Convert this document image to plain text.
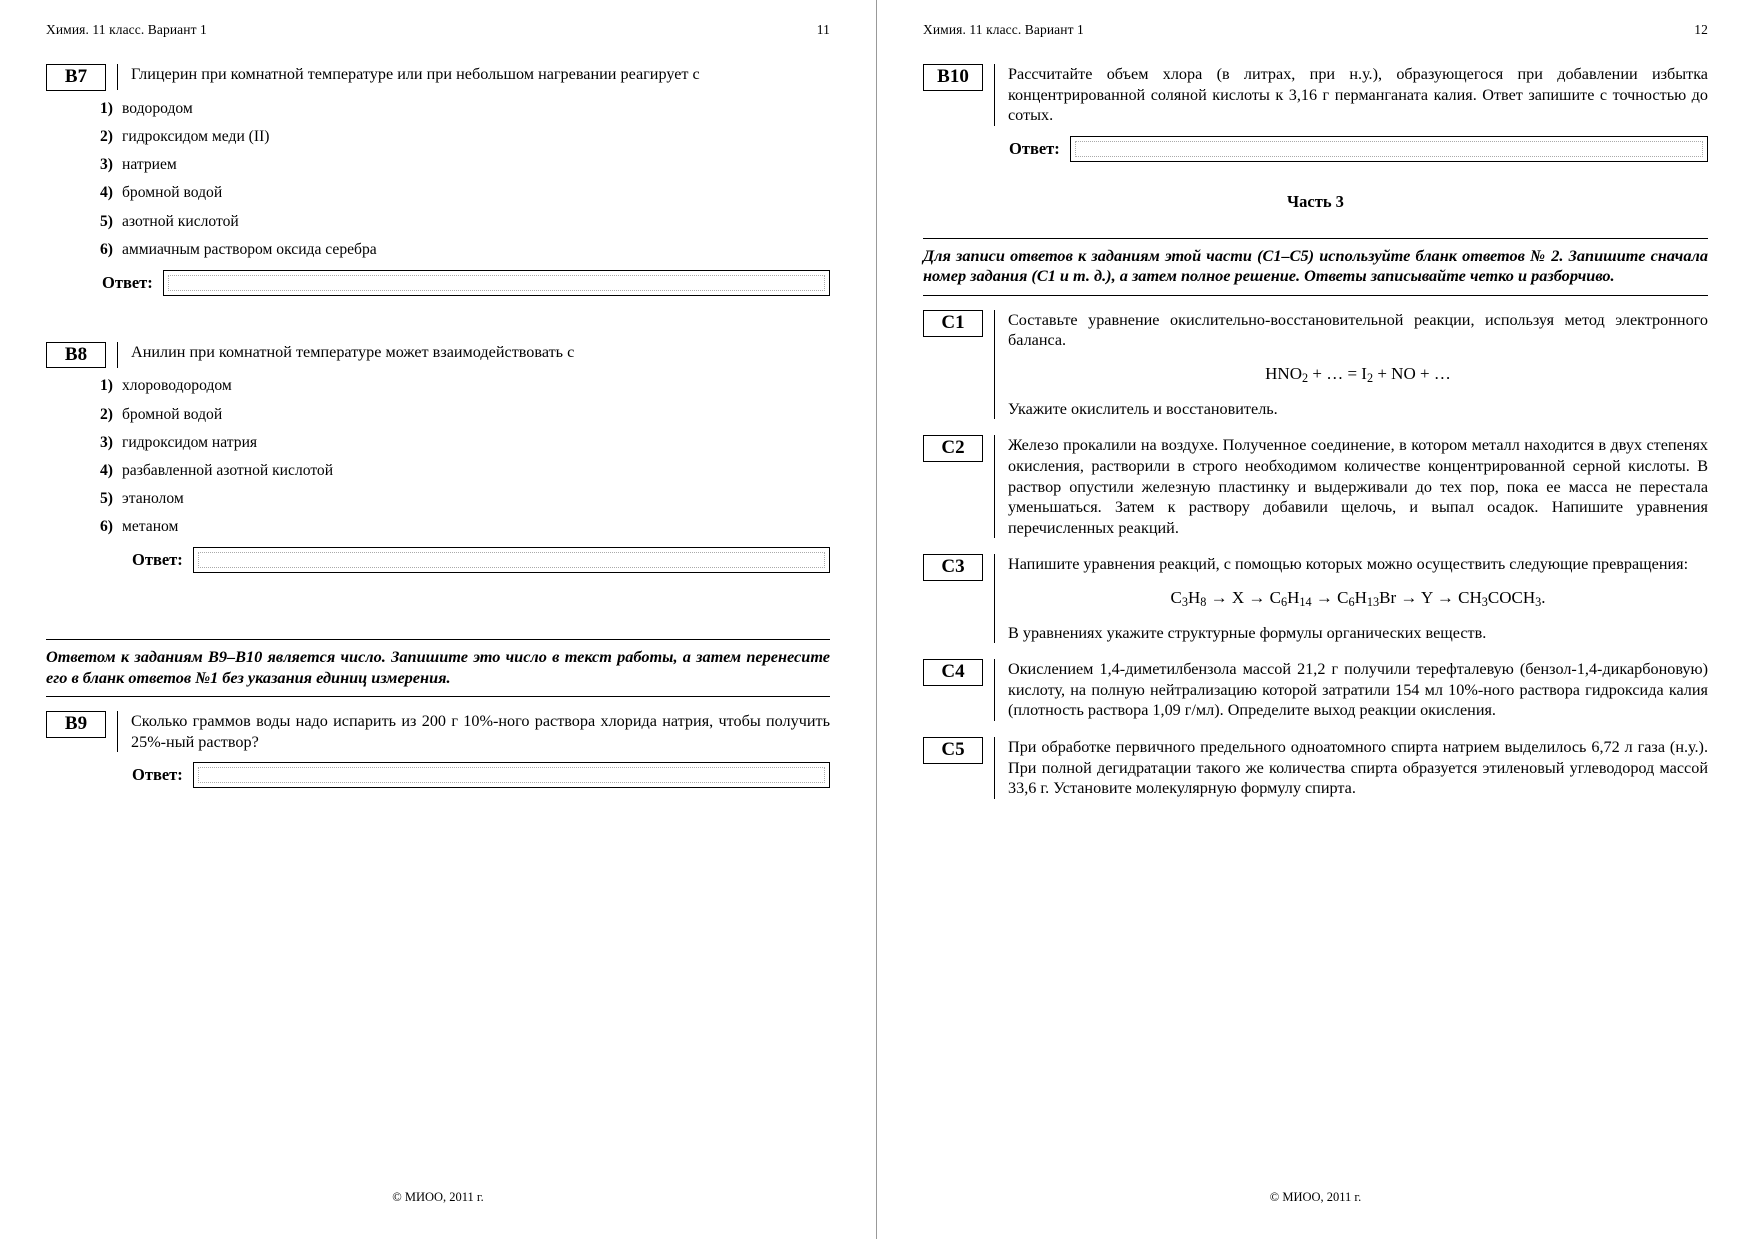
Химия. 11 класс. Вариант 1	11
B7	Глицерин при комнатной температуре или при небольшом нагревании реагирует с

1) водородом
2) гидроксидом меди (II)
3) натрием
4) бромной водой
5) азотной кислотой
6) аммиачным раствором оксида серебра
Ответ:
B8	Анилин при комнатной температуре может взаимодействовать с

1) хлороводородом
2) бромной водой
3) гидроксидом натрия
4) разбавленной азотной кислотой
5) этанолом
6) метаном
Ответ:
Ответом к заданиям В9–В10 является число. Запишите это число в текст работы, а затем перенесите его в бланк ответов №1 без указания единиц измерения.
B9	Сколько граммов воды надо испарить из 200 г 10%-ного раствора хлорида натрия, чтобы получить 25%-ный раствор?

Ответ:
© МИОО, 2011 г.
Химия. 11 класс. Вариант 1	12
B10	Рассчитайте объем хлора (в литрах, при н.у.), образующегося при добавлении избытка концентрированной соляной кислоты к 3,16 г перманганата калия. Ответ запишите с точностью до сотых.

Ответ:
Часть 3
Для записи ответов к заданиям этой части (С1–С5) используйте бланк ответов № 2. Запишите сначала номер задания (С1 и т. д.), а затем полное решение. Ответы записывайте четко и разборчиво.
C1	Составьте уравнение окислительно-восстановительной реакции, используя метод электронного баланса.

$HNO_2$ + … = $I_2$ + NO + …

Укажите окислитель и восстановитель.

C2	Железо прокалили на воздухе. Полученное соединение, в котором металл находится в двух степенях окисления, растворили в строго необходимом количестве концентрированной серной кислоты. В раствор опустили железную пластинку и выдерживали до тех пор, пока ее масса не перестала уменьшаться. Затем к раствору добавили щелочь, и выпал осадок. Напишите уравнения перечисленных реакций.

C3	Напишите уравнения реакций, с помощью которых можно осуществить следующие превращения:

$C_3H_8 \to X \to C_6H_{14} \to C_6H_{13}Br \to Y$ → $CH_3COCH_3$.

В уравнениях укажите структурные формулы органических веществ.

C4	Окислением 1,4-диметилбензола массой 21,2 г получили терефталевую (бензол-1,4-дикарбоновую) кислоту, на полную нейтрализацию которой затратили 154 мл 10%-ного раствора гидроксида калия (плотность раствора 1,09 г/мл). Определите выход реакции окисления.

C5	При обработке первичного предельного одноатомного спирта натрием выделилось 6,72 л газа (н.у.). При полной дегидратации такого же количества спирта образуется этиленовый углеводород массой 33,6 г. Установите молекулярную формулу спирта.

© МИОО, 2011 г.
